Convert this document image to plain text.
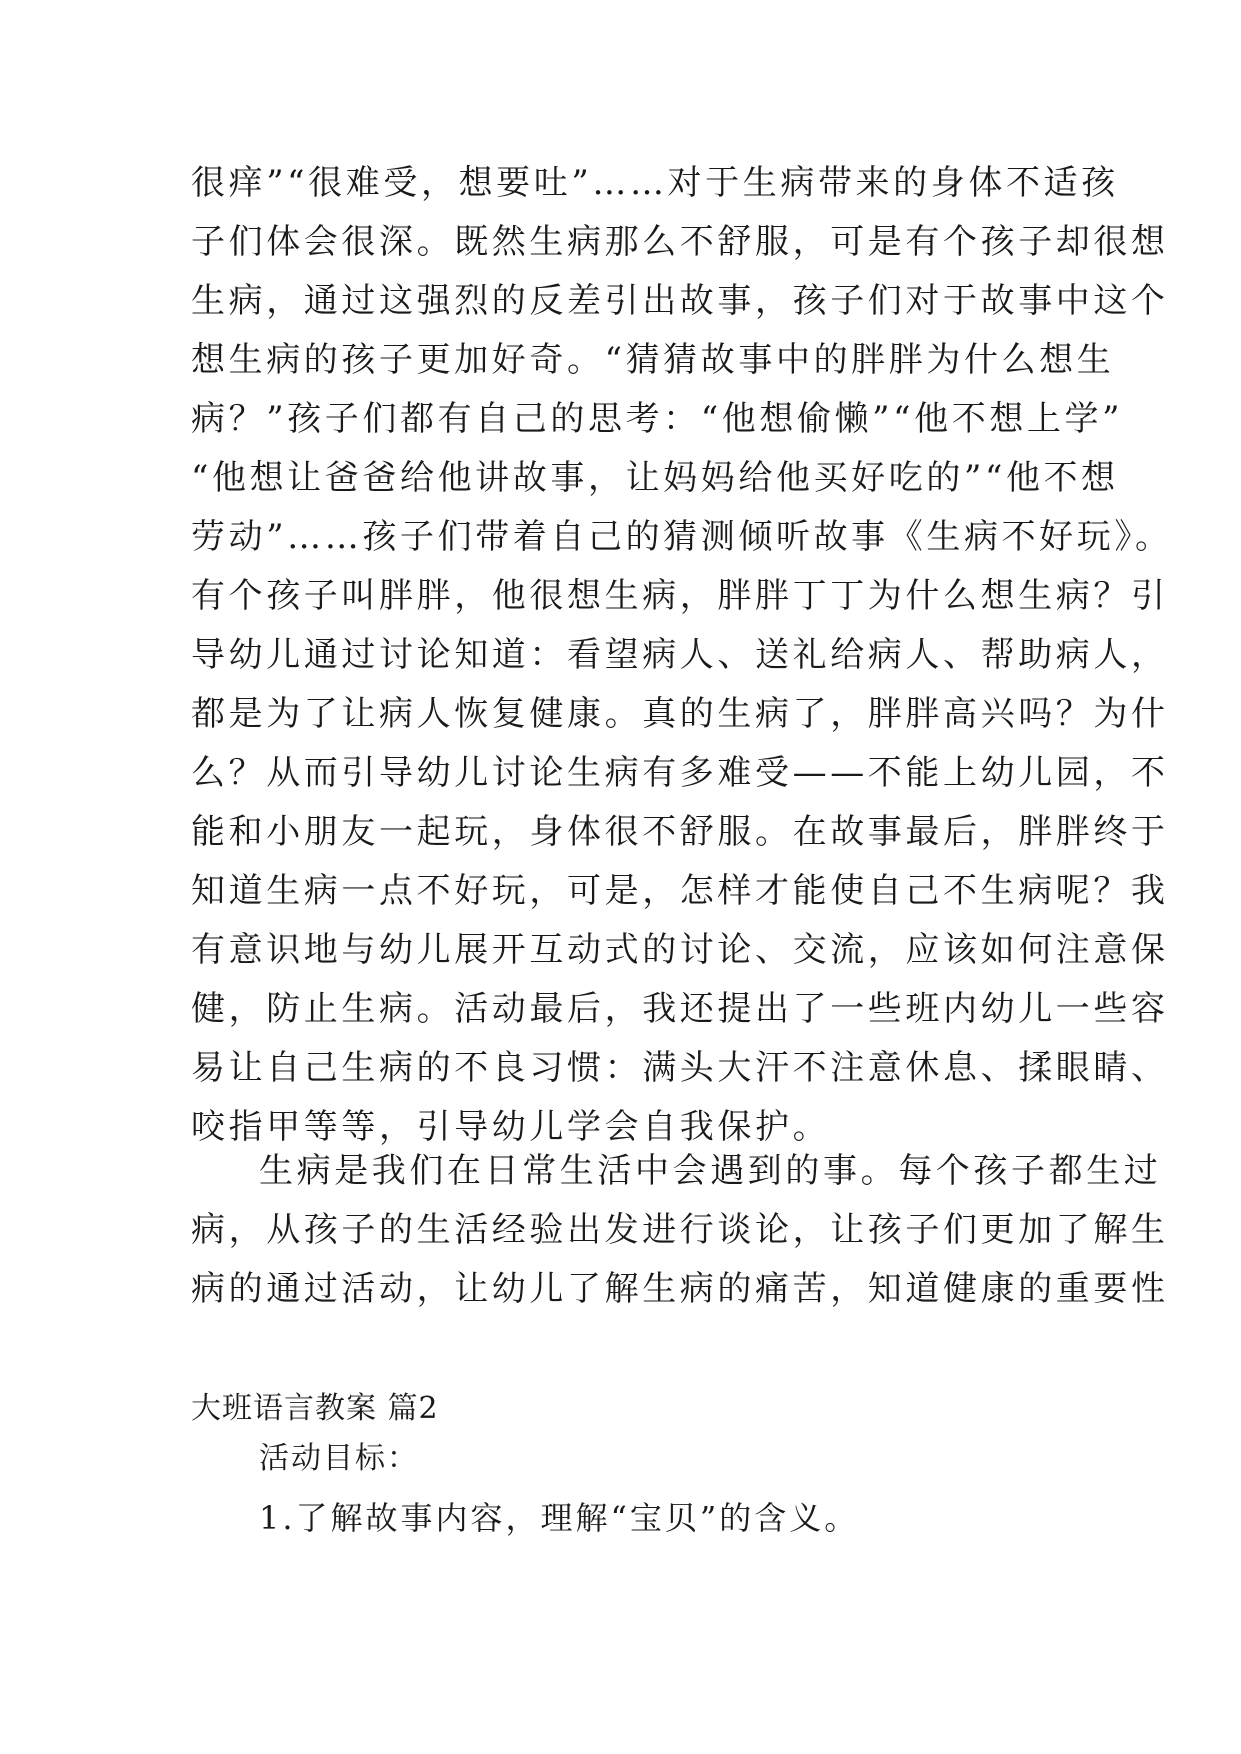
很痒”“很难受，想要吐”……对于生病带来的身体不适孩
子们体会很深。既然生病那么不舒服，可是有个孩子却很想
生病，通过这强烈的反差引出故事，孩子们对于故事中这个
想生病的孩子更加好奇。“猜猜故事中的胖胖为什么想生
病？”孩子们都有自己的思考：“他想偷懒”“他不想上学”
“他想让爸爸给他讲故事，让妈妈给他买好吃的”“他不想
劳动”……孩子们带着自己的猜测倾听故事《生病不好玩》。
有个孩子叫胖胖，他很想生病，胖胖丁丁为什么想生病？引
导幼儿通过讨论知道：看望病人、送礼给病人、帮助病人，
都是为了让病人恢复健康。真的生病了，胖胖高兴吗？为什
么？从而引导幼儿讨论生病有多难受——不能上幼儿园，不
能和小朋友一起玩，身体很不舒服。在故事最后，胖胖终于
知道生病一点不好玩，可是，怎样才能使自己不生病呢？我
有意识地与幼儿展开互动式的讨论、交流，应该如何注意保
健，防止生病。活动最后，我还提出了一些班内幼儿一些容
易让自己生病的不良习惯：满头大汗不注意休息、揉眼睛、
咬指甲等等，引导幼儿学会自我保护。
生病是我们在日常生活中会遇到的事。每个孩子都生过
病，从孩子的生活经验出发进行谈论，让孩子们更加了解生
病的通过活动，让幼儿了解生病的痛苦，知道健康的重要性
大班语言教案 篇2
活动目标：
1.了解故事内容，理解“宝贝”的含义。
